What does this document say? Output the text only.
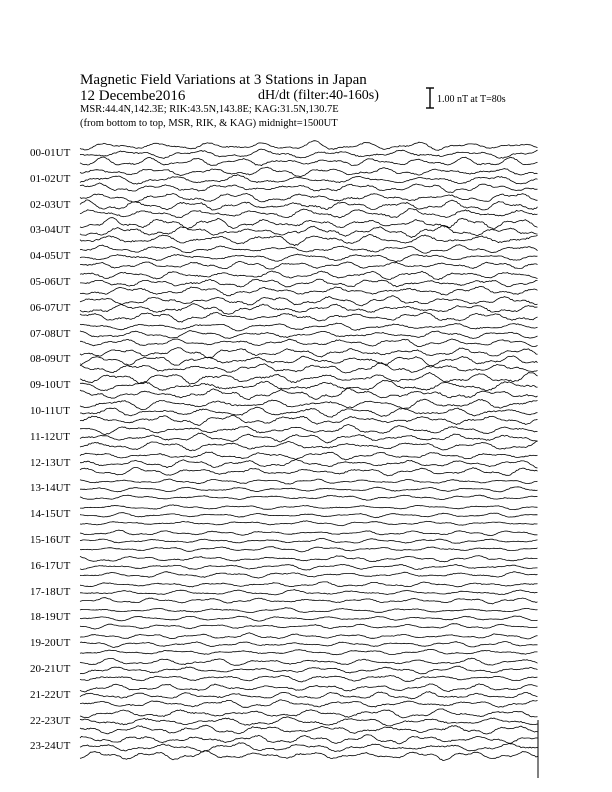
Magnetic Field Variations at 3 Stations in Japan
12 Decembe2016	dH/dt (filter:40-160s)
MSR:44.4N,142.3E; RIK:43.5N,143.8E; KAG:31.5N,130.7E
(from bottom to top, MSR, RIK, & KAG) midnight=1500UT
1.00 nT at T=80s
00-01UT
01-02UT
02-03UT
03-04UT
04-05UT
05-06UT
06-07UT
07-08UT
08-09UT
09-10UT
10-11UT
11-12UT
12-13UT
13-14UT
14-15UT
15-16UT
16-17UT
17-18UT
18-19UT
19-20UT
20-21UT
21-22UT
22-23UT
23-24UT
